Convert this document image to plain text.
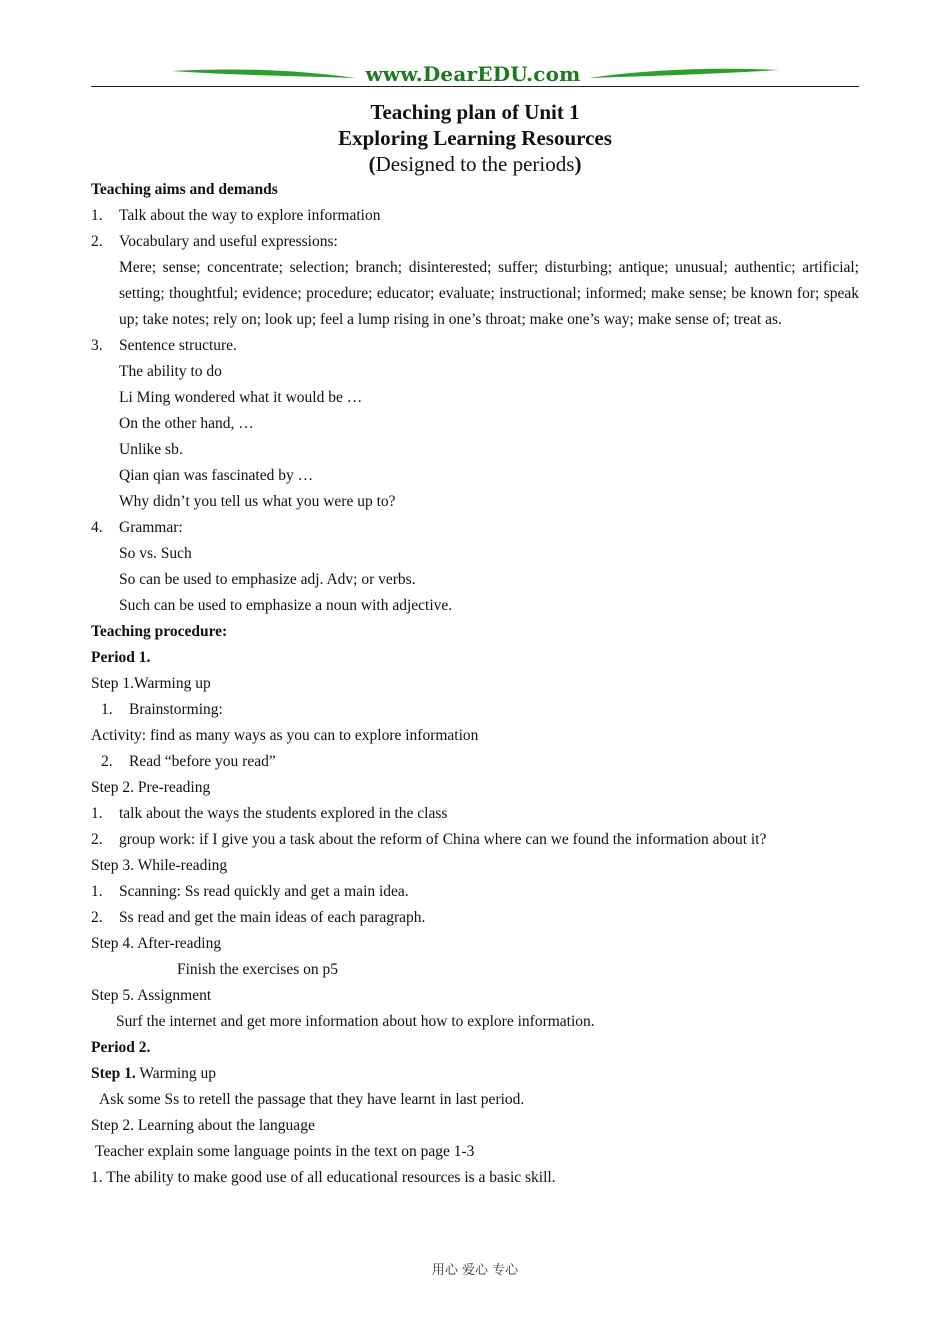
www.DearEDU.com
Teaching plan of Unit 1
Exploring Learning Resources
(Designed to the periods)
Teaching aims and demands
1. Talk about the way to explore information
2. Vocabulary and useful expressions:
Mere; sense; concentrate; selection; branch; disinterested; suffer; disturbing; antique; unusual; authentic; artificial; setting; thoughtful; evidence; procedure; educator; evaluate; instructional; informed; make sense; be known for; speak up; take notes; rely on; look up; feel a lump rising in one’s throat; make one’s way; make sense of; treat as.
3. Sentence structure.
The ability to do
Li Ming wondered what it would be …
On the other hand, …
Unlike sb.
Qian qian was fascinated by …
Why didn’t you tell us what you were up to?
4. Grammar:
So vs. Such
So can be used to emphasize adj. Adv; or verbs.
Such can be used to emphasize a noun with adjective.
Teaching procedure:
Period 1.
Step 1.Warming up
1. Brainstorming:
Activity: find as many ways as you can to explore information
2. Read “before you read”
Step 2. Pre-reading
1. talk about the ways the students explored in the class
2. group work: if I give you a task about the reform of China where can we found the information about it?
Step 3. While-reading
1. Scanning: Ss read quickly and get a main idea.
2. Ss read and get the main ideas of each paragraph.
Step 4. After-reading
Finish the exercises on p5
Step 5. Assignment
Surf the internet and get more information about how to explore information.
Period 2.
Step 1. Warming up
Ask some Ss to retell the passage that they have learnt in last period.
Step 2. Learning about the language
Teacher explain some language points in the text on page 1-3
1. The ability to make good use of all educational resources is a basic skill.
用心 爱心 专心
